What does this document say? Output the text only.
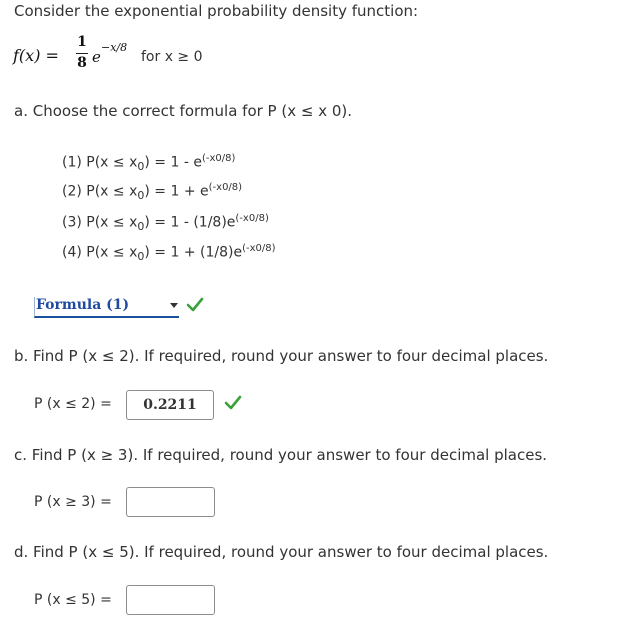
Consider the exponential probability density function:
f(x) =
1
8 e
−x/8
for x ≥ 0
a. Choose the correct formula for P (x ≤ x 0).
(1) $P(x \le x_0) = 1 - e^{(-x0/8)}$
(2) $P(x \le x_0) = 1 + e^{(-x0/8)}$
(3) $P(x \le x_0) = 1 - (1/8)e^{(-x0/8)}$
(4) $P(x \le x_0) = 1 + (1/8)e^{(-x0/8)}$
Formula (1)
b. Find P (x ≤ 2). If required, round your answer to four decimal places.
P (x ≤ 2) =	0.2211
c. Find P (x ≥ 3). If required, round your answer to four decimal places.
P (x ≥ 3) =
d. Find P (x ≤ 5). If required, round your answer to four decimal places.
P (x ≤ 5) =
